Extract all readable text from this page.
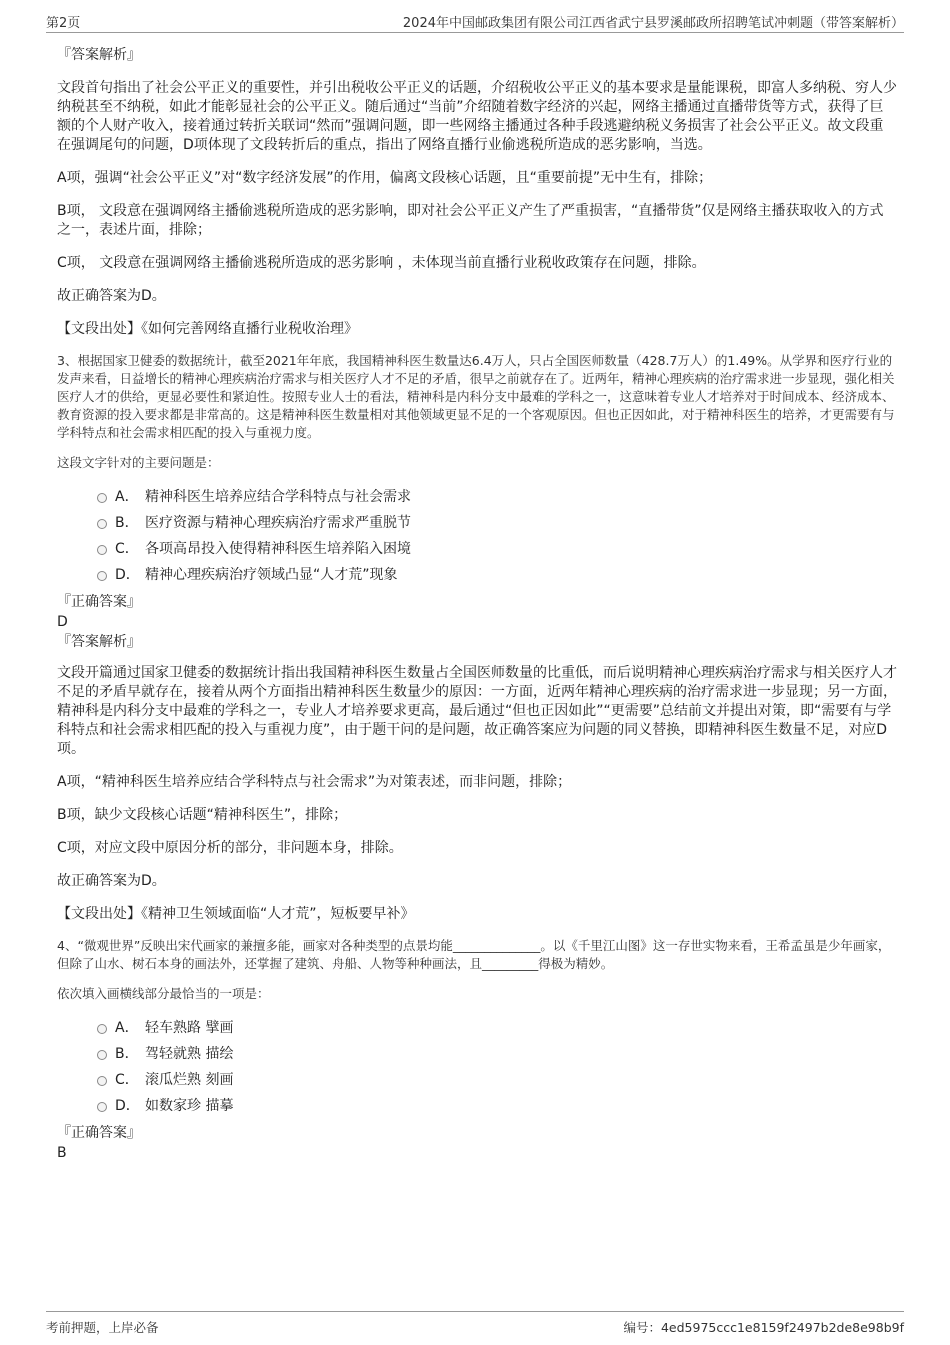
第2页	2024年中国邮政集团有限公司江西省武宁县罗溪邮政所招聘笔试冲刺题（带答案解析）

『答案解析』

文段首句指出了社会公平正义的重要性，并引出税收公平正义的话题，介绍税收公平正义的基本要求是量能课税，即富人多纳税、穷人少纳税甚至不纳税，如此才能彰显社会的公平正义。随后通过“当前”介绍随着数字经济的兴起，网络主播通过直播带货等方式，获得了巨额的个人财产收入，接着通过转折关联词“然而”强调问题，即一些网络主播通过各种手段逃避纳税义务损害了社会公平正义。故文段重在强调尾句的问题，D项体现了文段转折后的重点，指出了网络直播行业偷逃税所造成的恶劣影响，当选。

A项，强调“社会公平正义”对“数字经济发展”的作用，偏离文段核心话题，且“重要前提”无中生有，排除；

B项， 文段意在强调网络主播偷逃税所造成的恶劣影响，即对社会公平正义产生了严重损害，“直播带货”仅是网络主播获取收入的方式之一，表述片面，排除；

C项， 文段意在强调网络主播偷逃税所造成的恶劣影响 ，未体现当前直播行业税收政策存在问题，排除。

故正确答案为D。

【文段出处】《如何完善网络直播行业税收治理》

3、根据国家卫健委的数据统计，截至2021年年底，我国精神科医生数量达6.4万人，只占全国医师数量（428.7万人）的1.49%。从学界和医疗行业的发声来看，日益增长的精神心理疾病治疗需求与相关医疗人才不足的矛盾，很早之前就存在了。近两年，精神心理疾病的治疗需求进一步显现，强化相关医疗人才的供给，更显必要性和紧迫性。按照专业人士的看法，精神科是内科分支中最难的学科之一，这意味着专业人才培养对于时间成本、经济成本、教育资源的投入要求都是非常高的。这是精神科医生数量相对其他领域更显不足的一个客观原因。但也正因如此，对于精神科医生的培养，才更需要有与学科特点和社会需求相匹配的投入与重视力度。

这段文字针对的主要问题是：

A． 精神科医生培养应结合学科特点与社会需求
B． 医疗资源与精神心理疾病治疗需求严重脱节
C． 各项高昂投入使得精神科医生培养陷入困境
D． 精神心理疾病治疗领域凸显“人才荒”现象

『正确答案』

D

『答案解析』

文段开篇通过国家卫健委的数据统计指出我国精神科医生数量占全国医师数量的比重低，而后说明精神心理疾病治疗需求与相关医疗人才不足的矛盾早就存在，接着从两个方面指出精神科医生数量少的原因：一方面，近两年精神心理疾病的治疗需求进一步显现；另一方面，精神科是内科分支中最难的学科之一，专业人才培养要求更高，最后通过“但也正因如此”“更需要”总结前文并提出对策，即“需要有与学科特点和社会需求相匹配的投入与重视力度”，由于题干问的是问题，故正确答案应为问题的同义替换，即精神科医生数量不足，对应D项。

A项，“精神科医生培养应结合学科特点与社会需求”为对策表述，而非问题，排除；

B项，缺少文段核心话题“精神科医生”，排除；

C项，对应文段中原因分析的部分，非问题本身，排除。

故正确答案为D。

【文段出处】《精神卫生领域面临“人才荒”，短板要早补》

4、“微观世界”反映出宋代画家的兼擅多能，画家对各种类型的点景均能______________。以《千里江山图》这一存世实物来看，王希孟虽是少年画家，但除了山水、树石本身的画法外，还掌握了建筑、舟船、人物等种种画法，且_________得极为精妙。

依次填入画横线部分最恰当的一项是：

A． 轻车熟路 擘画
B． 驾轻就熟 描绘
C． 滚瓜烂熟 刻画
D． 如数家珍 描摹

『正确答案』

B

考前押题，上岸必备	编号：4ed5975ccc1e8159f2497b2de8e98b9f
